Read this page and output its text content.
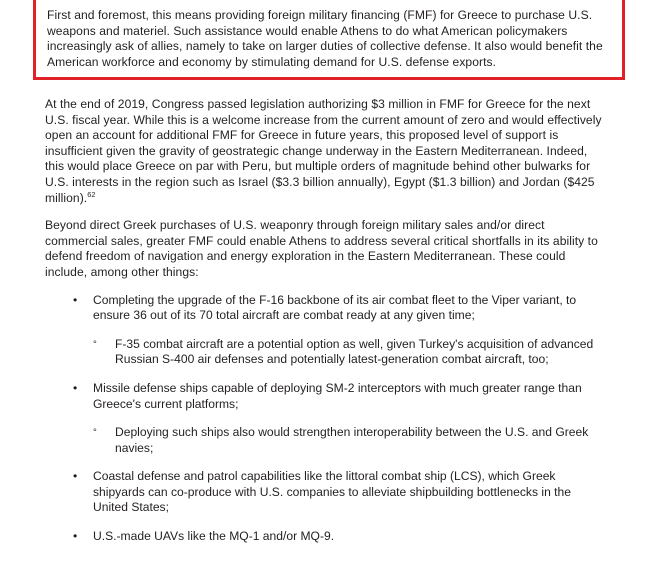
First and foremost, this means providing foreign military financing (FMF) for Greece to purchase U.S. weapons and materiel. Such assistance would enable Athens to do what American policymakers increasingly ask of allies, namely to take on larger duties of collective defense. It also would benefit the American workforce and economy by stimulating demand for U.S. defense exports.

At the end of 2019, Congress passed legislation authorizing $3 million in FMF for Greece for the next U.S. fiscal year. While this is a welcome increase from the current amount of zero and would effectively open an account for additional FMF for Greece in future years, this proposed level of support is insufficient given the gravity of geostrategic change underway in the Eastern Mediterranean. Indeed, this would place Greece on par with Peru, but multiple orders of magnitude behind other bulwarks for U.S. interests in the region such as Israel ($3.3 billion annually), Egypt ($1.3 billion) and Jordan ($425 million).$^{62}$

Beyond direct Greek purchases of U.S. weaponry through foreign military sales and/or direct commercial sales, greater FMF could enable Athens to address several critical shortfalls in its ability to defend freedom of navigation and energy exploration in the Eastern Mediterranean. These could include, among other things:

• Completing the upgrade of the F-16 backbone of its air combat fleet to the Viper variant, to ensure 36 out of its 70 total aircraft are combat ready at any given time;
° F-35 combat aircraft are a potential option as well, given Turkey's acquisition of advanced Russian S-400 air defenses and potentially latest-generation combat aircraft, too;
• Missile defense ships capable of deploying SM-2 interceptors with much greater range than Greece's current platforms;
° Deploying such ships also would strengthen interoperability between the U.S. and Greek navies;
• Coastal defense and patrol capabilities like the littoral combat ship (LCS), which Greek shipyards can co-produce with U.S. companies to alleviate shipbuilding bottlenecks in the United States;
• U.S.-made UAVs like the MQ-1 and/or MQ-9.
